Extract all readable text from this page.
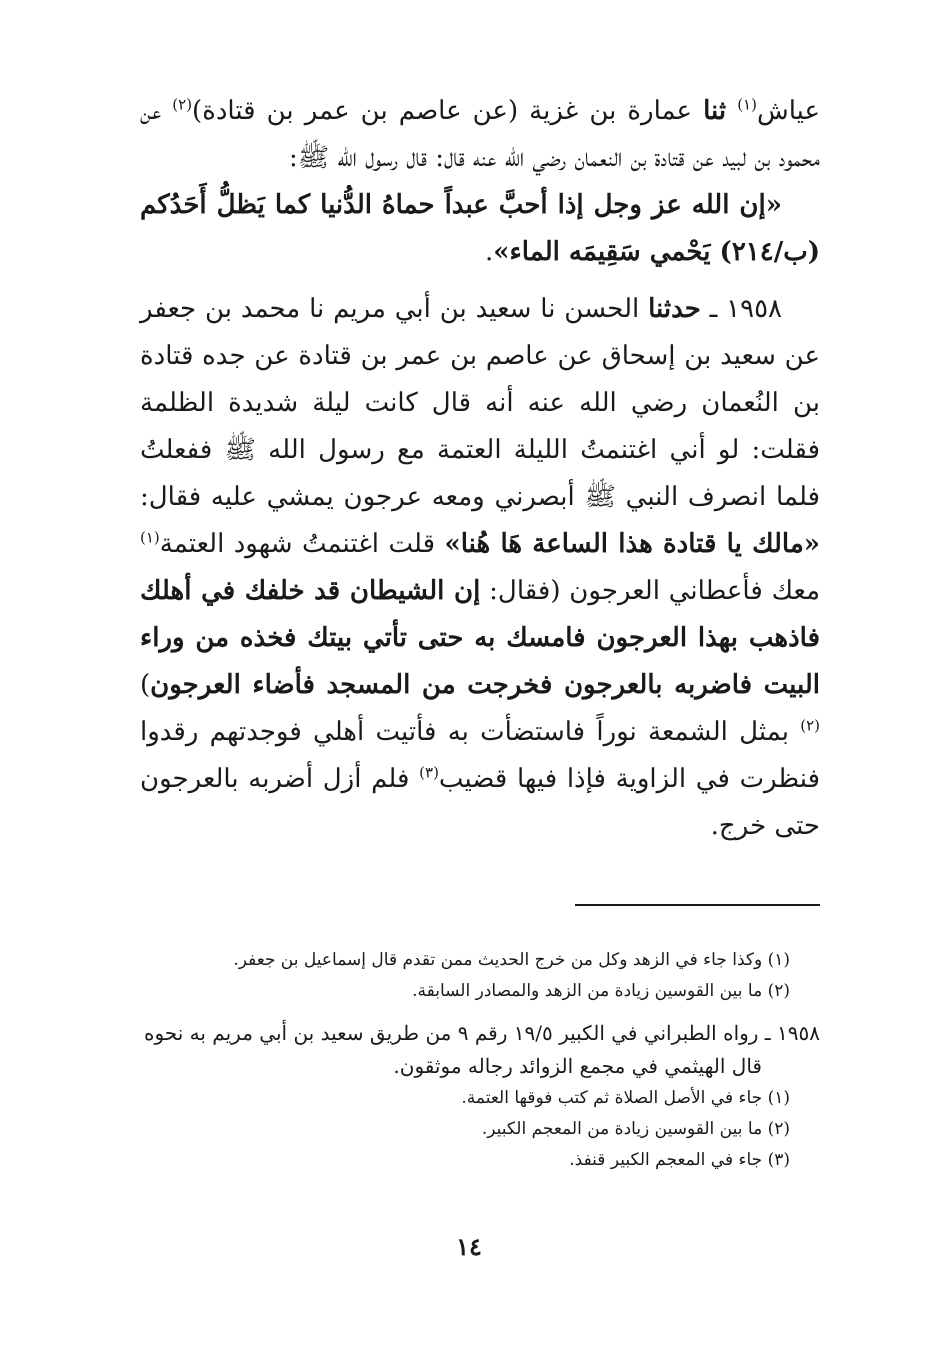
عياش$^{(١)}$ ثنا عمارة بن غزية (عن عاصم بن عمر بن قتادة)$^{(٢)}$ عن محمود بن لبيد عن قتادة بن النعمان رضي الله عنه قال: قال رسول الله ﷺ:

«إن الله عز وجل إذا أحبَّ عبداً حماهُ الدُّنيا كما يَظلُّ أَحَدُكم (ب/٢١٤) يَحْمي سَقِيمَه الماء».

١٩٥٨ ـ حدثنا الحسن نا سعيد بن أبي مريم نا محمد بن جعفر عن سعيد بن إسحاق عن عاصم بن عمر بن قتادة عن جده قتادة بن النُعمان رضي الله عنه أنه قال كانت ليلة شديدة الظلمة فقلت: لو أني اغتنمتُ الليلة العتمة مع رسول الله ﷺ ففعلتُ فلما انصرف النبي ﷺ أبصرني ومعه عرجون يمشي عليه فقال: «مالك يا قتادة هذا الساعة هَا هُنا» قلت اغتنمتُ شهود العتمة$^{(١)}$ معك فأعطاني العرجون (فقال: إن الشيطان قد خلفك في أهلك فاذهب بهذا العرجون فامسك به حتى تأتي بيتك فخذه من وراء البيت فاضربه بالعرجون فخرجت من المسجد فأضاء العرجون)$^{(٢)}$ بمثل الشمعة نوراً فاستضأت به فأتيت أهلي فوجدتهم رقدوا فنظرت في الزاوية فإذا فيها قضيب$^{(٣)}$ فلم أزل أضربه بالعرجون حتى خرج.

(١) وكذا جاء في الزهد وكل من خرج الحديث ممن تقدم قال إسماعيل بن جعفر.

(٢) ما بين القوسين زيادة من الزهد والمصادر السابقة.

١٩٥٨ ـ رواه الطبراني في الكبير ١٩/٥ رقم ٩ من طريق سعيد بن أبي مريم به نحوه

قال الهيثمي في مجمع الزوائد رجاله موثقون.

(١) جاء في الأصل الصلاة ثم كتب فوقها العتمة.

(٢) ما بين القوسين زيادة من المعجم الكبير.

(٣) جاء في المعجم الكبير قنفذ.

١٤
